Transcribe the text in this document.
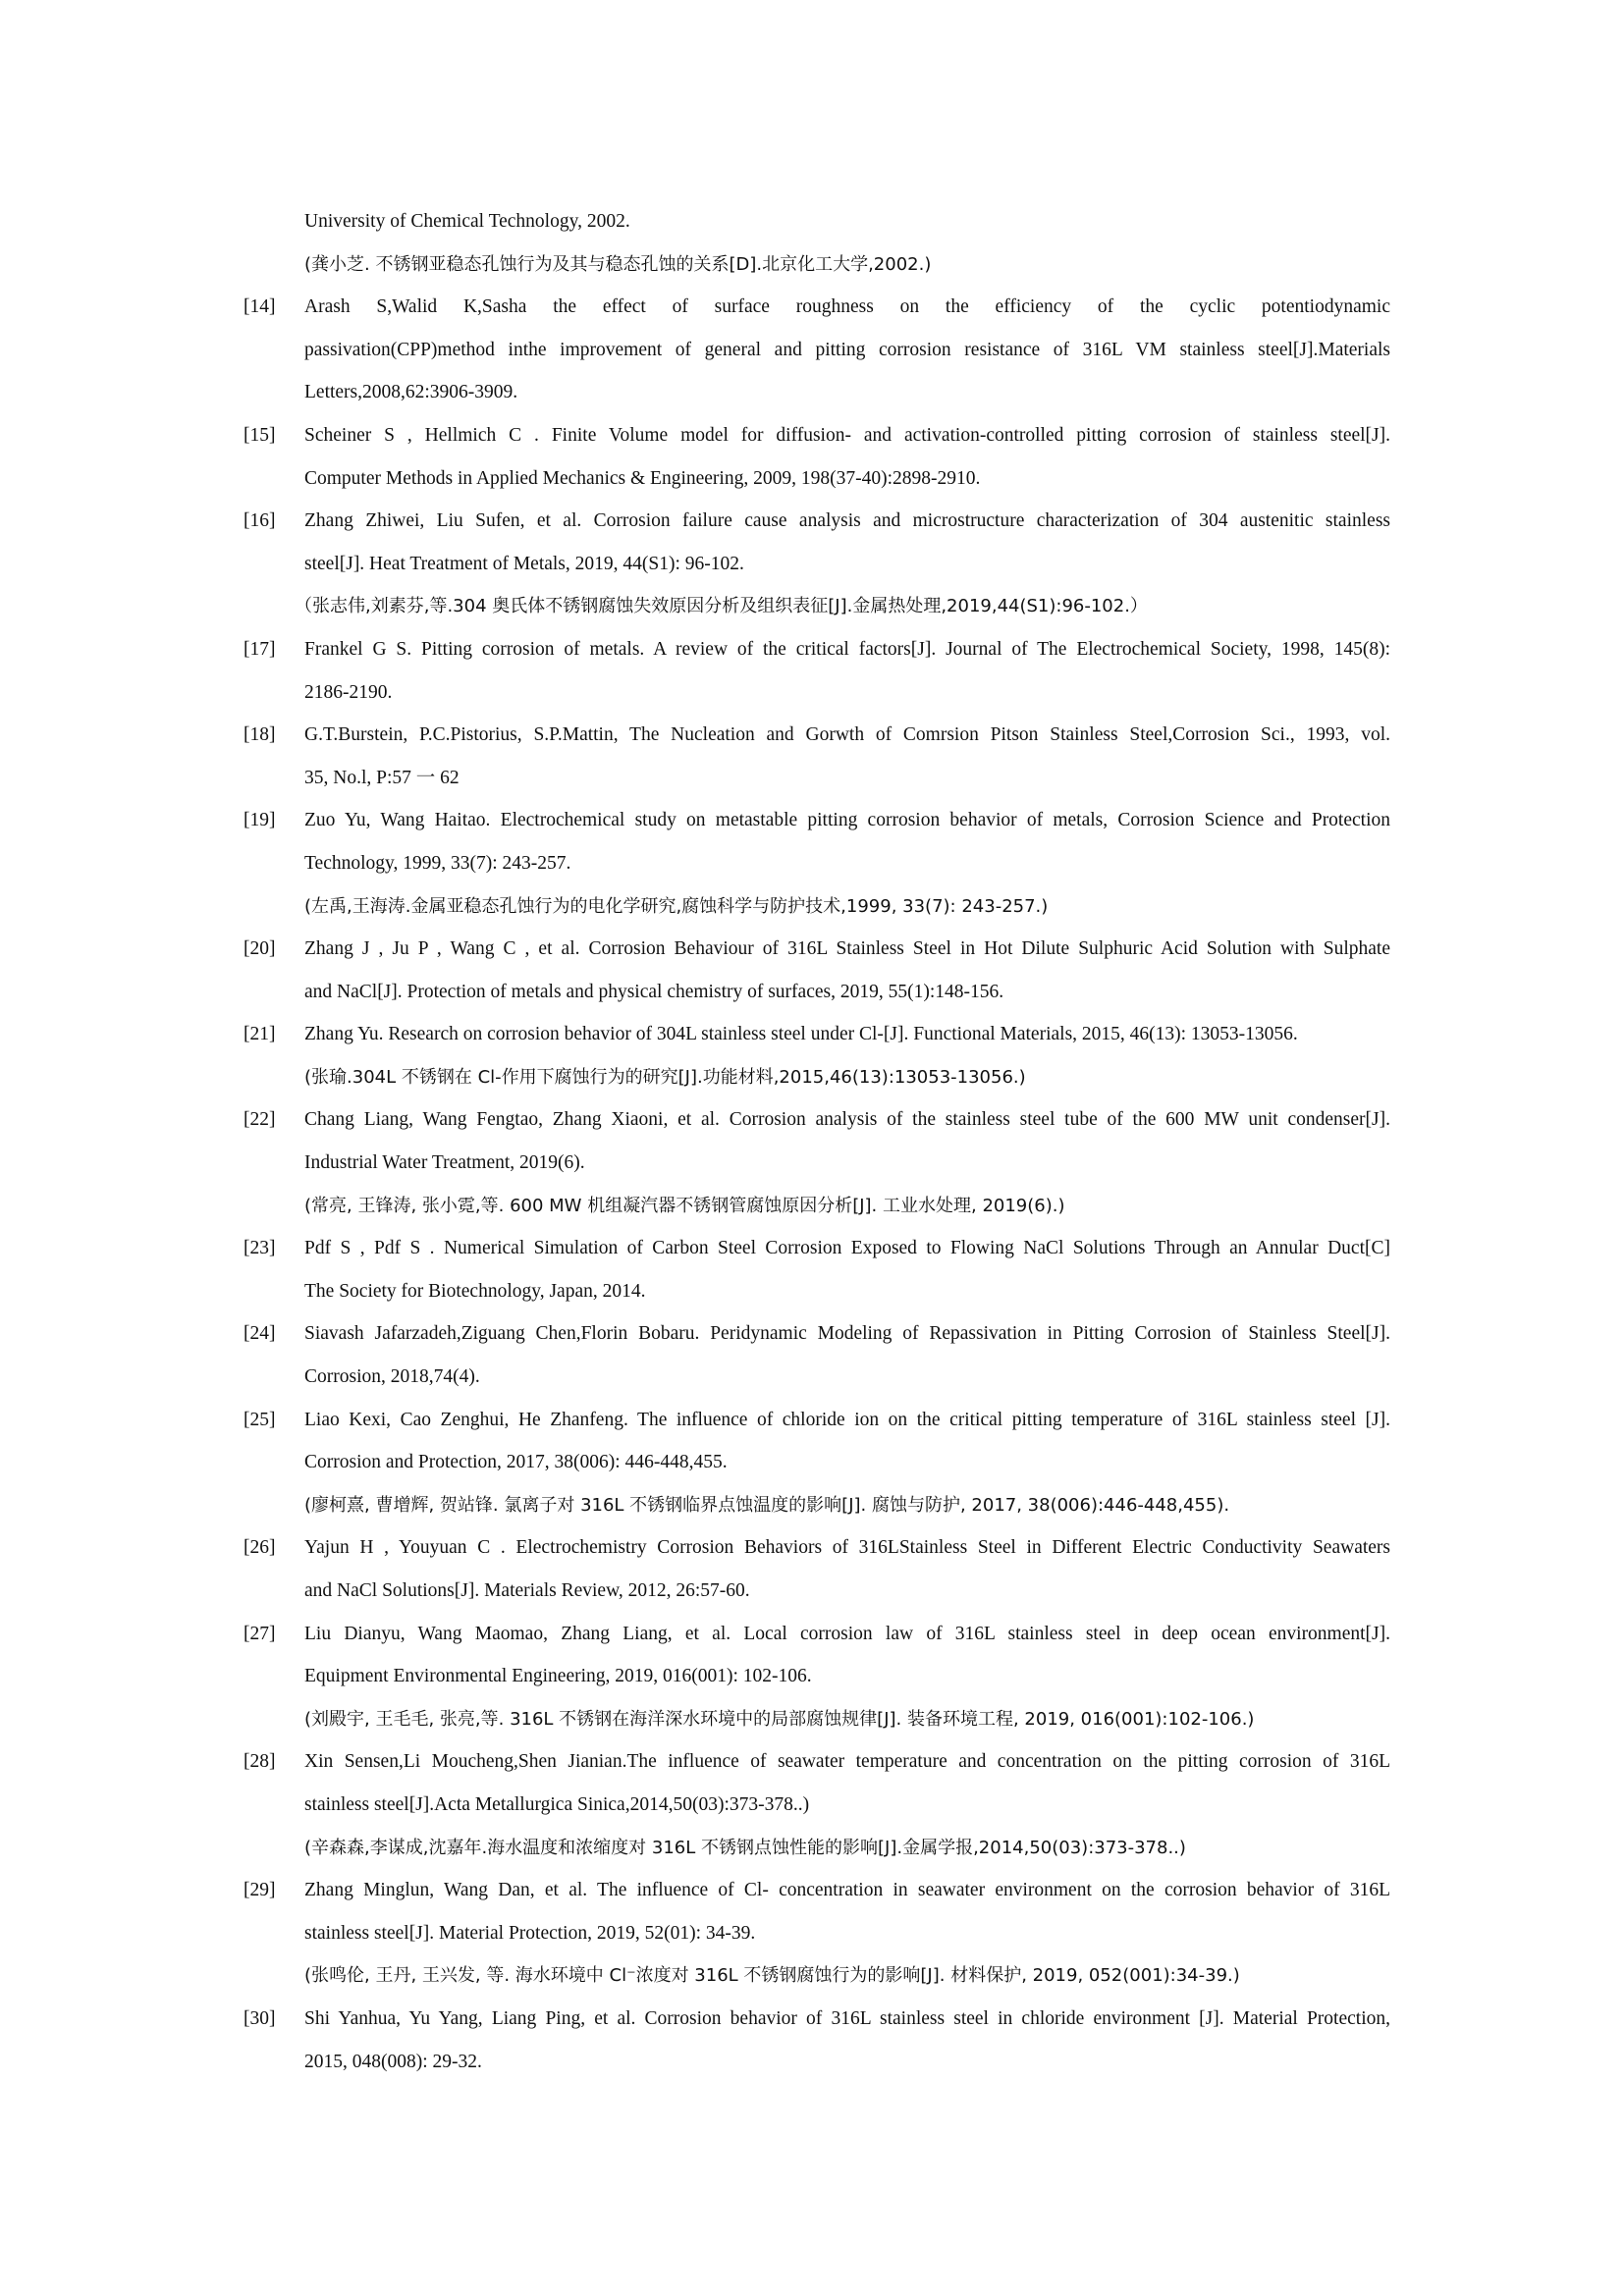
University of Chemical Technology, 2002.
(龚小芝. 不锈钢亚稳态孔蚀行为及其与稳态孔蚀的关系[D].北京化工大学,2002.)
[14] Arash S,Walid K,Sasha the effect of surface roughness on the efficiency of the cyclic potentiodynamic
passivation(CPP)method inthe improvement of general and pitting corrosion resistance of 316L VM stainless steel[J].Materials
Letters,2008,62:3906-3909.
[15] Scheiner S , Hellmich C . Finite Volume model for diffusion- and activation-controlled pitting corrosion of stainless steel[J].
Computer Methods in Applied Mechanics & Engineering, 2009, 198(37-40):2898-2910.
[16] Zhang Zhiwei, Liu Sufen, et al. Corrosion failure cause analysis and microstructure characterization of 304 austenitic stainless
steel[J]. Heat Treatment of Metals, 2019, 44(S1): 96-102.
（张志伟,刘素芬,等.304 奥氏体不锈钢腐蚀失效原因分析及组织表征[J].金属热处理,2019,44(S1):96-102.）
[17] Frankel G S. Pitting corrosion of metals. A review of the critical factors[J]. Journal of The Electrochemical Society, 1998, 145(8):
2186-2190.
[18] G.T.Burstein, P.C.Pistorius, S.P.Mattin, The Nucleation and Gorwth of Comrsion Pitson Stainless Steel,Corrosion Sci., 1993, vol.
35, No.l, P:57 一 62
[19] Zuo Yu, Wang Haitao. Electrochemical study on metastable pitting corrosion behavior of metals, Corrosion Science and Protection
Technology, 1999, 33(7): 243-257.
(左禹,王海涛.金属亚稳态孔蚀行为的电化学研究,腐蚀科学与防护技术,1999, 33(7): 243-257.)
[20] Zhang J , Ju P , Wang C , et al. Corrosion Behaviour of 316L Stainless Steel in Hot Dilute Sulphuric Acid Solution with Sulphate
and NaCl[J]. Protection of metals and physical chemistry of surfaces, 2019, 55(1):148-156.
[21] Zhang Yu. Research on corrosion behavior of 304L stainless steel under Cl-[J]. Functional Materials, 2015, 46(13): 13053-13056.
(张瑜.304L 不锈钢在 Cl-作用下腐蚀行为的研究[J].功能材料,2015,46(13):13053-13056.)
[22] Chang Liang, Wang Fengtao, Zhang Xiaoni, et al. Corrosion analysis of the stainless steel tube of the 600 MW unit condenser[J].
Industrial Water Treatment, 2019(6).
(常亮, 王锋涛, 张小霓,等. 600 MW 机组凝汽器不锈钢管腐蚀原因分析[J]. 工业水处理, 2019(6).)
[23] Pdf S , Pdf S . Numerical Simulation of Carbon Steel Corrosion Exposed to Flowing NaCl Solutions Through an Annular Duct[C]
The Society for Biotechnology, Japan, 2014.
[24] Siavash Jafarzadeh,Ziguang Chen,Florin Bobaru. Peridynamic Modeling of Repassivation in Pitting Corrosion of Stainless Steel[J].
Corrosion, 2018,74(4).
[25] Liao Kexi, Cao Zenghui, He Zhanfeng. The influence of chloride ion on the critical pitting temperature of 316L stainless steel [J].
Corrosion and Protection, 2017, 38(006): 446-448,455.
(廖柯熹, 曹增辉, 贺站锋. 氯离子对 316L 不锈钢临界点蚀温度的影响[J]. 腐蚀与防护, 2017, 38(006):446-448,455).
[26] Yajun H , Youyuan C . Electrochemistry Corrosion Behaviors of 316LStainless Steel in Different Electric Conductivity Seawaters
and NaCl Solutions[J]. Materials Review, 2012, 26:57-60.
[27] Liu Dianyu, Wang Maomao, Zhang Liang, et al. Local corrosion law of 316L stainless steel in deep ocean environment[J].
Equipment Environmental Engineering, 2019, 016(001): 102-106.
(刘殿宇, 王毛毛, 张亮,等. 316L 不锈钢在海洋深水环境中的局部腐蚀规律[J]. 装备环境工程, 2019, 016(001):102-106.)
[28] Xin Sensen,Li Moucheng,Shen Jianian.The influence of seawater temperature and concentration on the pitting corrosion of 316L
stainless steel[J].Acta Metallurgica Sinica,2014,50(03):373-378..)
(辛森森,李谋成,沈嘉年.海水温度和浓缩度对 316L 不锈钢点蚀性能的影响[J].金属学报,2014,50(03):373-378..)
[29] Zhang Minglun, Wang Dan, et al. The influence of Cl- concentration in seawater environment on the corrosion behavior of 316L
stainless steel[J]. Material Protection, 2019, 52(01): 34-39.
(张鸣伦, 王丹, 王兴发, 等. 海水环境中 Cl⁻浓度对 316L 不锈钢腐蚀行为的影响[J]. 材料保护, 2019, 052(001):34-39.)
[30] Shi Yanhua, Yu Yang, Liang Ping, et al. Corrosion behavior of 316L stainless steel in chloride environment [J]. Material Protection,
2015, 048(008): 29-32.
